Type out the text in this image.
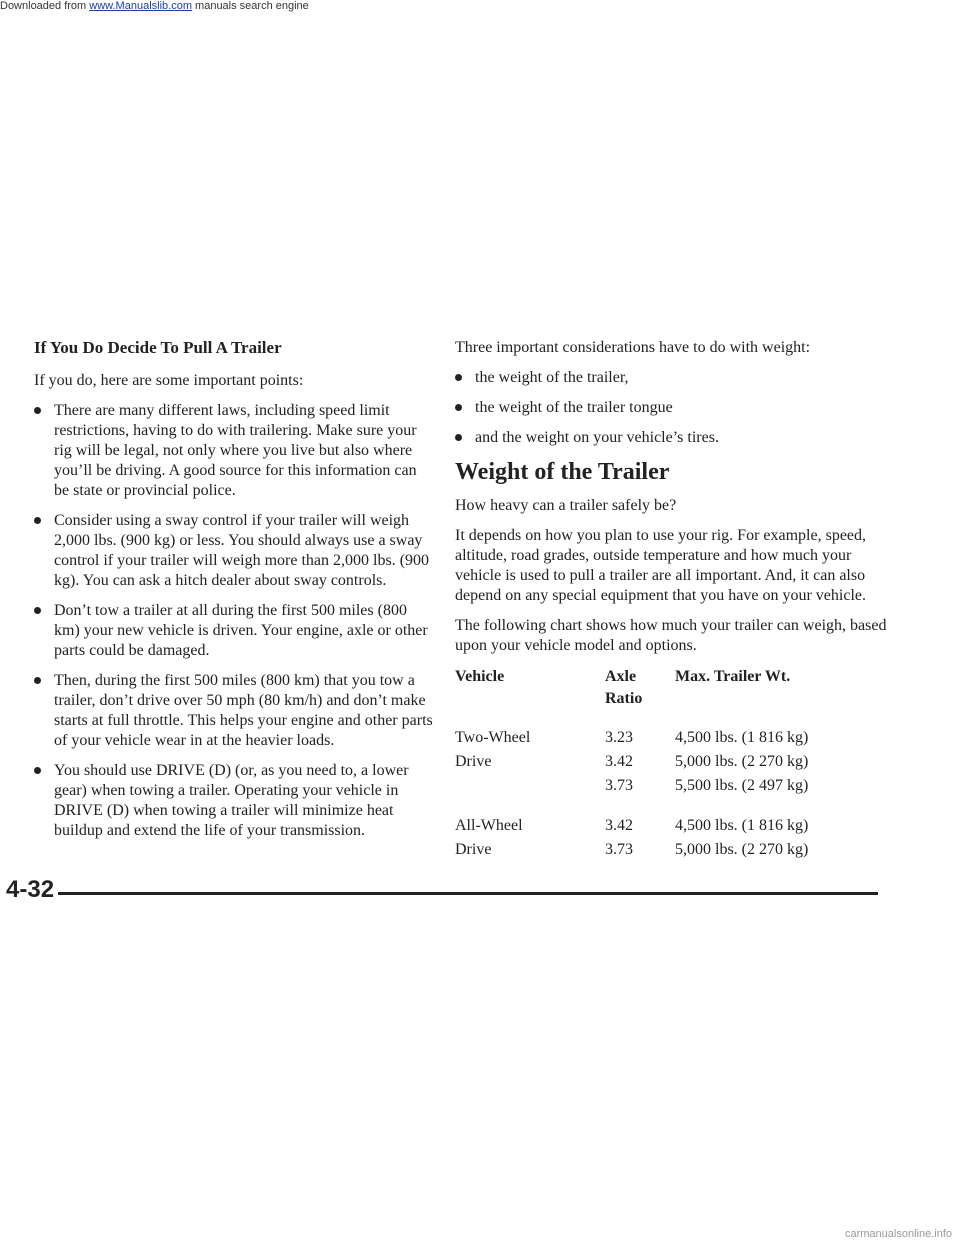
Downloaded from www.Manualslib.com manuals search engine
If You Do Decide To Pull A Trailer
If you do, here are some important points:
There are many different laws, including speed limit restrictions, having to do with trailering. Make sure your rig will be legal, not only where you live but also where you’ll be driving. A good source for this information can be state or provincial police.
Consider using a sway control if your trailer will weigh 2,000 lbs. (900 kg) or less. You should always use a sway control if your trailer will weigh more than 2,000 lbs. (900 kg). You can ask a hitch dealer about sway controls.
Don’t tow a trailer at all during the first 500 miles (800 km) your new vehicle is driven. Your engine, axle or other parts could be damaged.
Then, during the first 500 miles (800 km) that you tow a trailer, don’t drive over 50 mph (80 km/h) and don’t make starts at full throttle. This helps your engine and other parts of your vehicle wear in at the heavier loads.
You should use DRIVE (D) (or, as you need to, a lower gear) when towing a trailer. Operating your vehicle in DRIVE (D) when towing a trailer will minimize heat buildup and extend the life of your transmission.
Three important considerations have to do with weight:
the weight of the trailer,
the weight of the trailer tongue
and the weight on your vehicle’s tires.
Weight of the Trailer
How heavy can a trailer safely be?
It depends on how you plan to use your rig. For example, speed, altitude, road grades, outside temperature and how much your vehicle is used to pull a trailer are all important. And, it can also depend on any special equipment that you have on your vehicle.
The following chart shows how much your trailer can weigh, based upon your vehicle model and options.
Vehicle	Axle Ratio	Max. Trailer Wt.

Two-Wheel	3.23	4,500 lbs. (1 816 kg)
Drive	3.42	5,000 lbs. (2 270 kg)
	3.73	5,500 lbs. (2 497 kg)

All-Wheel	3.42	4,500 lbs. (1 816 kg)
Drive	3.73	5,000 lbs. (2 270 kg)
4-32
carmanualsonline.info
